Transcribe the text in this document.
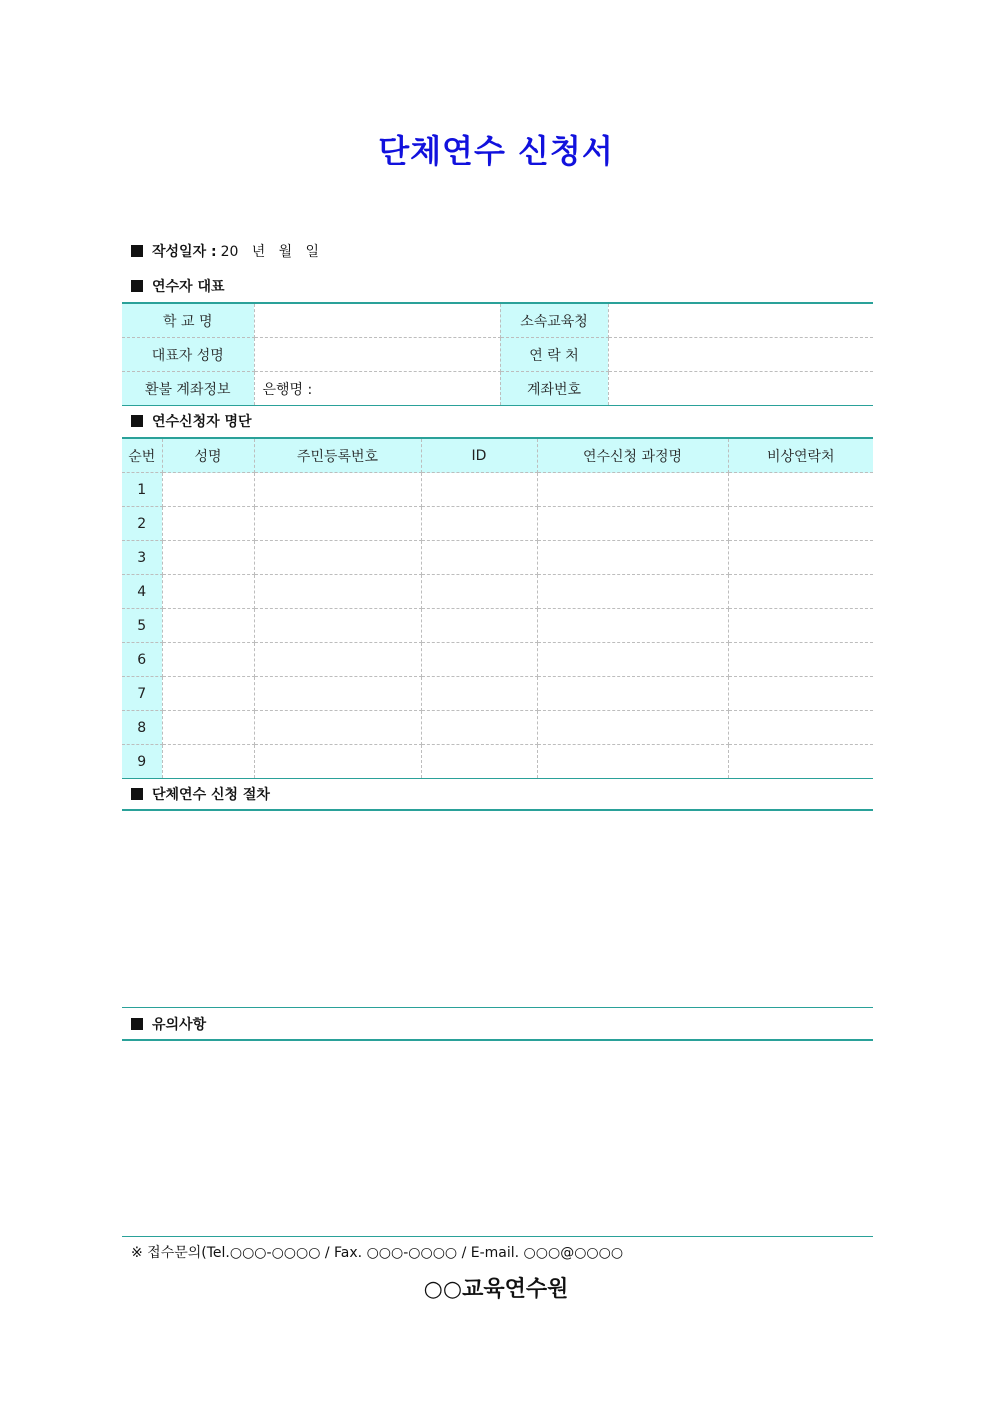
단체연수 신청서
작성일자 : 20   년   월   일
연수자 대표
학 교 명		소속교육청	
대표자 성명		연 락 처	
환불 계좌정보	은행명 :	계좌번호	
연수신청자 명단
순번	성명	주민등록번호	ID	연수신청 과정명	비상연락처
1					
2					
3					
4					
5					
6					
7					
8					
9					
단체연수 신청 절차
유의사항
※ 접수문의(Tel.○○○-○○○○ / Fax. ○○○-○○○○ / E-mail. ○○○@○○○○
○○교육연수원
